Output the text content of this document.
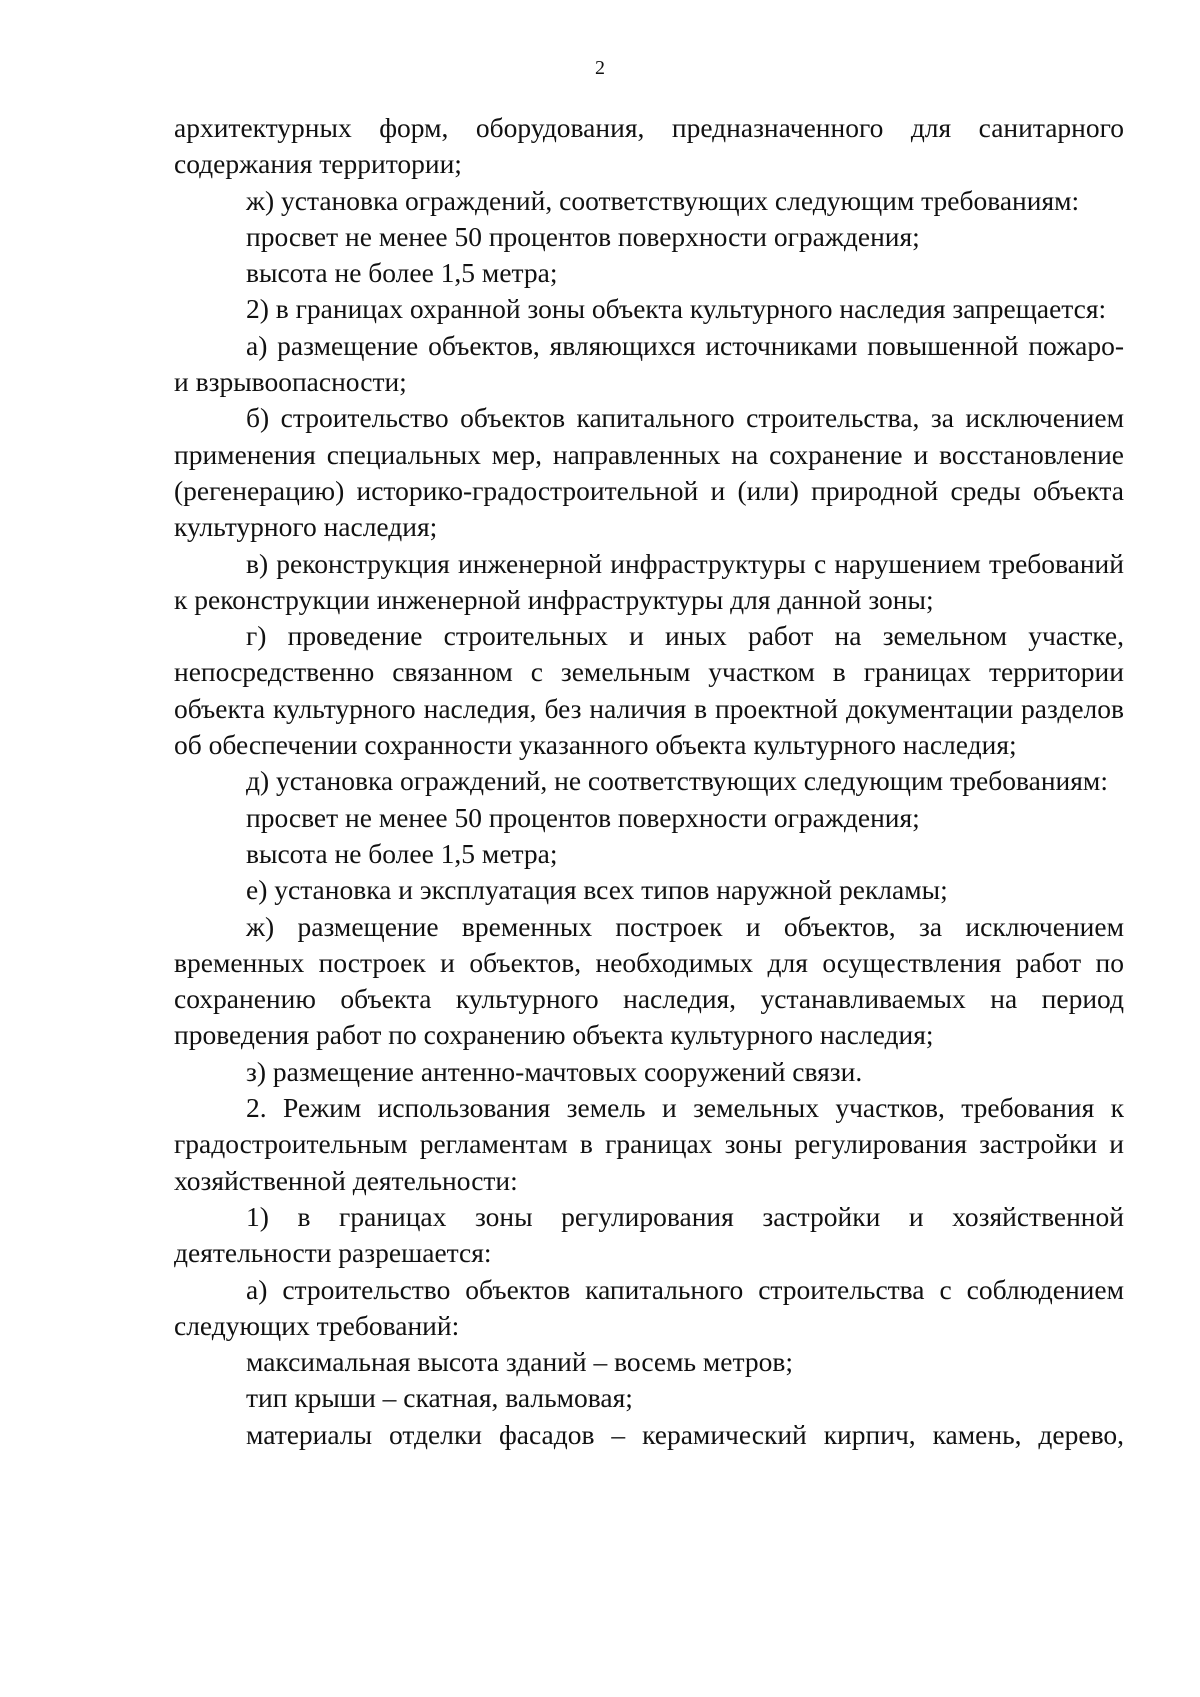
2

архитектурных форм, оборудования, предназначенного для санитарного содержания территории;

ж) установка ограждений, соответствующих следующим требованиям:

просвет не менее 50 процентов поверхности ограждения;

высота не более 1,5 метра;

2) в границах охранной зоны объекта культурного наследия запрещается:

а) размещение объектов, являющихся источниками повышенной пожаро- и взрывоопасности;

б) строительство объектов капитального строительства, за исключением применения специальных мер, направленных на сохранение и восстановление (регенерацию) историко-градостроительной и (или) природной среды объекта культурного наследия;

в) реконструкция инженерной инфраструктуры с нарушением требований к реконструкции инженерной инфраструктуры для данной зоны;

г) проведение строительных и иных работ на земельном участке, непосредственно связанном с земельным участком в границах территории объекта культурного наследия, без наличия в проектной документации разделов об обеспечении сохранности указанного объекта культурного наследия;

д) установка ограждений, не соответствующих следующим требованиям:

просвет не менее 50 процентов поверхности ограждения;

высота не более 1,5 метра;

е) установка и эксплуатация всех типов наружной рекламы;

ж) размещение временных построек и объектов, за исключением временных построек и объектов, необходимых для осуществления работ по сохранению объекта культурного наследия, устанавливаемых на период проведения работ по сохранению объекта культурного наследия;

з) размещение антенно-мачтовых сооружений связи.

2. Режим использования земель и земельных участков, требования к градостроительным регламентам в границах зоны регулирования застройки и хозяйственной деятельности:

1) в границах зоны регулирования застройки и хозяйственной деятельности разрешается:

а) строительство объектов капитального строительства с соблюдением следующих требований:

максимальная высота зданий – восемь метров;

тип крыши – скатная, вальмовая;

материалы отделки фасадов – керамический кирпич, камень, дерево,
